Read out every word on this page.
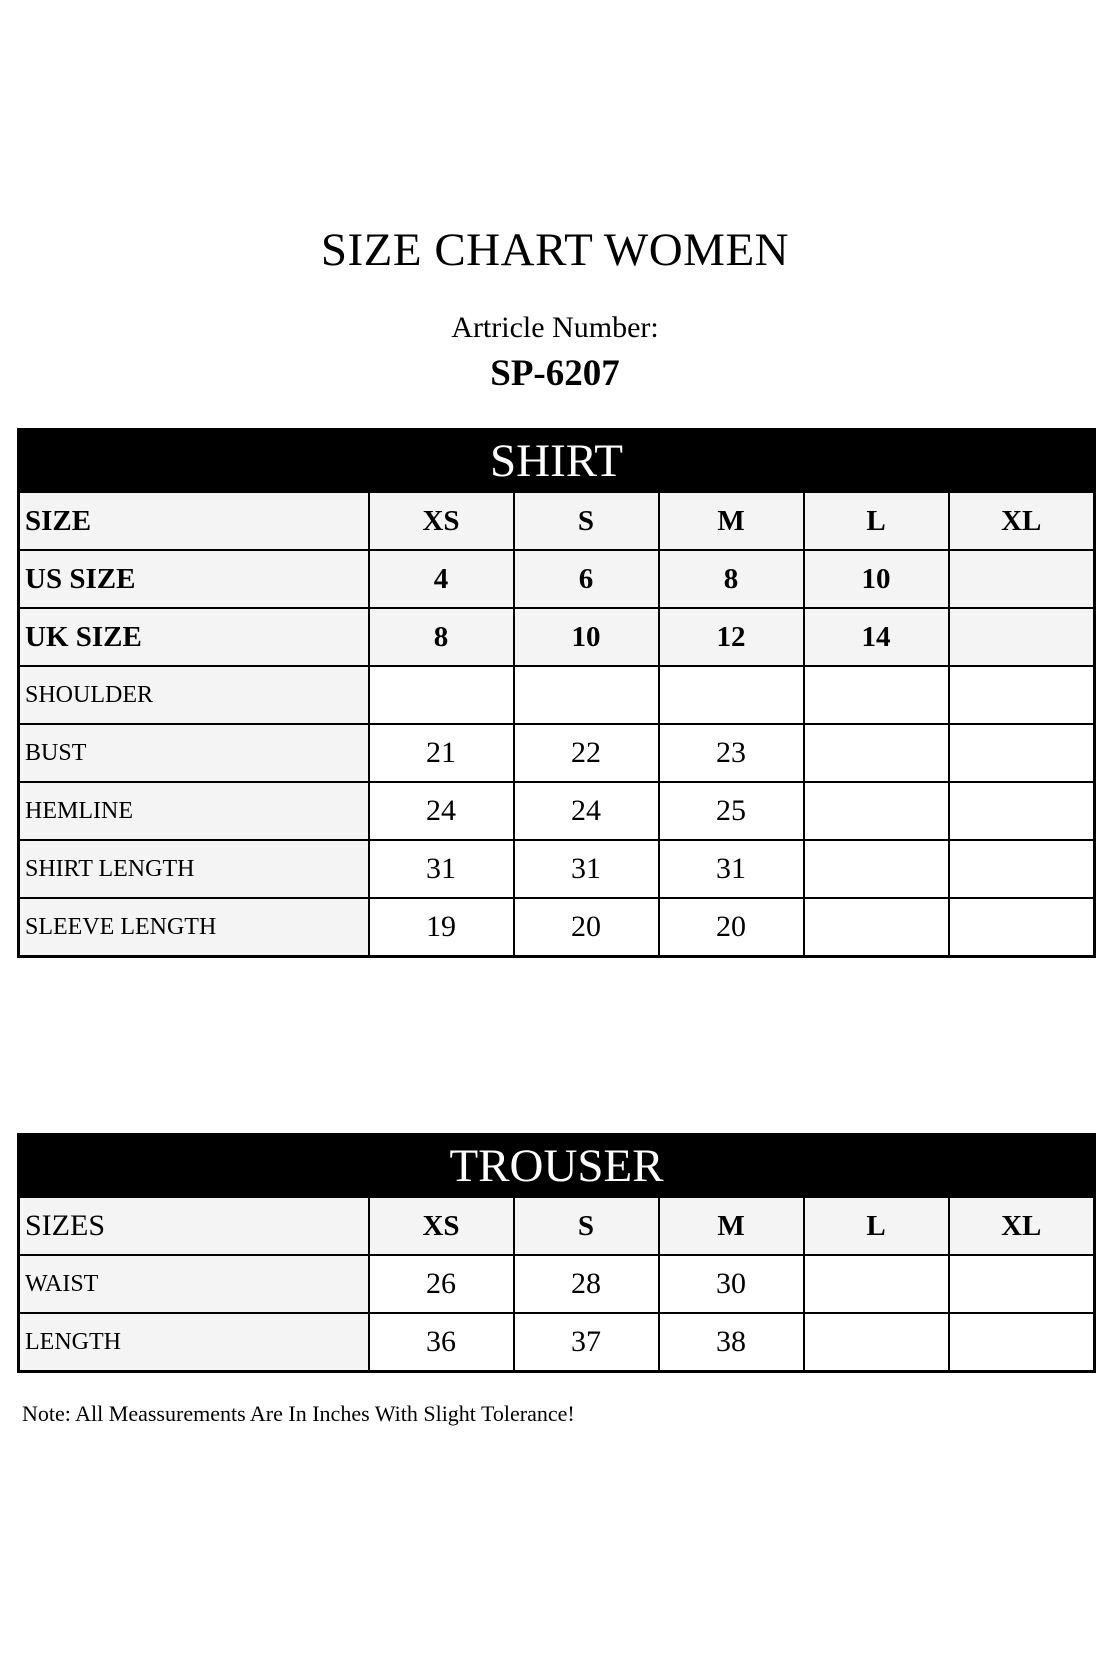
SIZE CHART WOMEN
Artricle Number:
SP-6207
SHIRT					
SIZE	XS	S	M	L	XL
US SIZE	4	6	8	10	
UK SIZE	8	10	12	14	
SHOULDER					
BUST	21	22	23		
HEMLINE	24	24	25		
SHIRT LENGTH	31	31	31		
SLEEVE LENGTH	19	20	20		
TROUSER					
SIZES	XS	S	M	L	XL
WAIST	26	28	30		
LENGTH	36	37	38		
Note: All Meassurements Are In Inches With Slight Tolerance!
